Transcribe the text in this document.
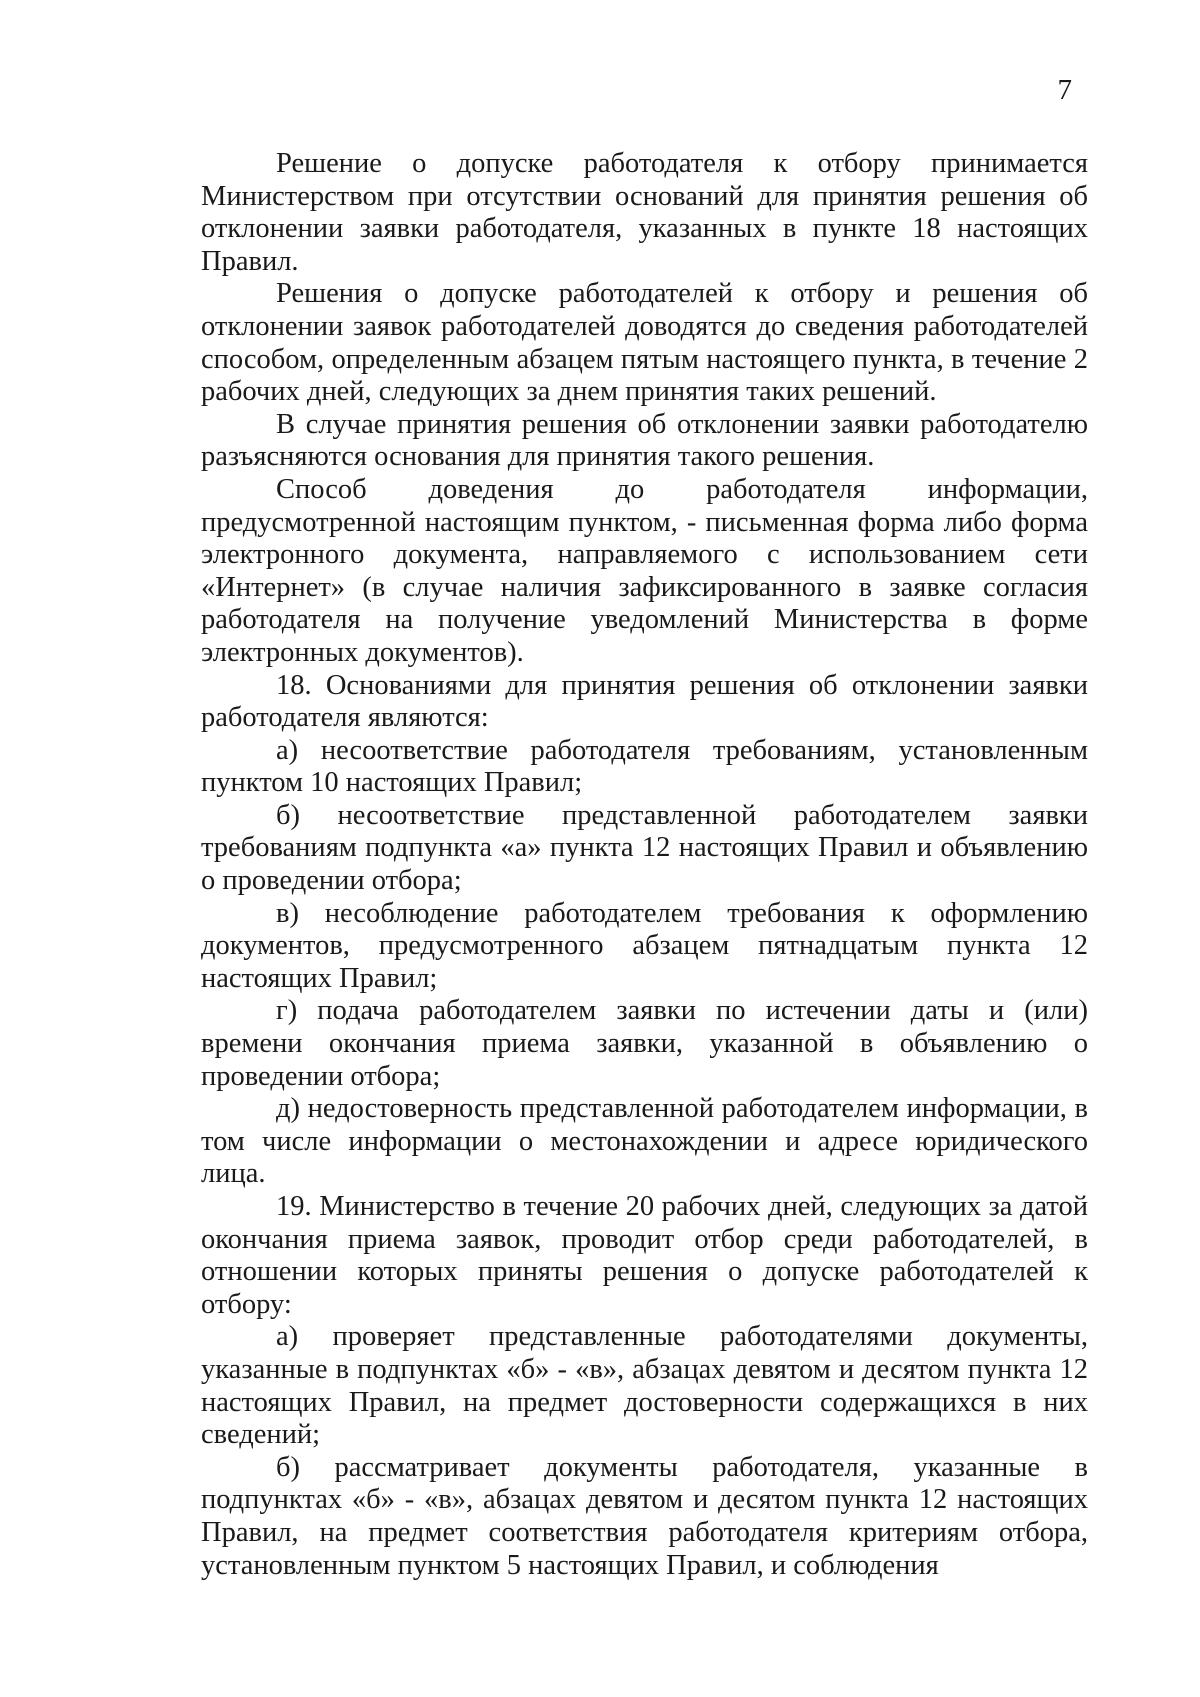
7

Решение о допуске работодателя к отбору принимается Министерством при отсутствии оснований для принятия решения об отклонении заявки работодателя, указанных в пункте 18 настоящих Правил.

Решения о допуске работодателей к отбору и решения об отклонении заявок работодателей доводятся до сведения работодателей способом, определенным абзацем пятым настоящего пункта, в течение 2 рабочих дней, следующих за днем принятия таких решений.

В случае принятия решения об отклонении заявки работодателю разъясняются основания для принятия такого решения.

Способ доведения до работодателя информации, предусмотренной настоящим пунктом, - письменная форма либо форма электронного документа, направляемого с использованием сети «Интернет» (в случае наличия зафиксированного в заявке согласия работодателя на получение уведомлений Министерства в форме электронных документов).

18. Основаниями для принятия решения об отклонении заявки работодателя являются:

а) несоответствие работодателя требованиям, установленным пунктом 10 настоящих Правил;

б) несоответствие представленной работодателем заявки требованиям подпункта «а» пункта 12 настоящих Правил и объявлению о проведении отбора;

в) несоблюдение работодателем требования к оформлению документов, предусмотренного абзацем пятнадцатым пункта 12 настоящих Правил;

г) подача работодателем заявки по истечении даты и (или) времени окончания приема заявки, указанной в объявлению о проведении отбора;

д) недостоверность представленной работодателем информации, в том числе информации о местонахождении и адресе юридического лица.

19. Министерство в течение 20 рабочих дней, следующих за датой окончания приема заявок, проводит отбор среди работодателей, в отношении которых приняты решения о допуске работодателей к отбору:

а) проверяет представленные работодателями документы, указанные в подпунктах «б» - «в», абзацах девятом и десятом пункта 12 настоящих Правил, на предмет достоверности содержащихся в них сведений;

б) рассматривает документы работодателя, указанные в подпунктах «б» - «в», абзацах девятом и десятом пункта 12 настоящих Правил, на предмет соответствия работодателя критериям отбора, установленным пунктом 5 настоящих Правил, и соблюдения
